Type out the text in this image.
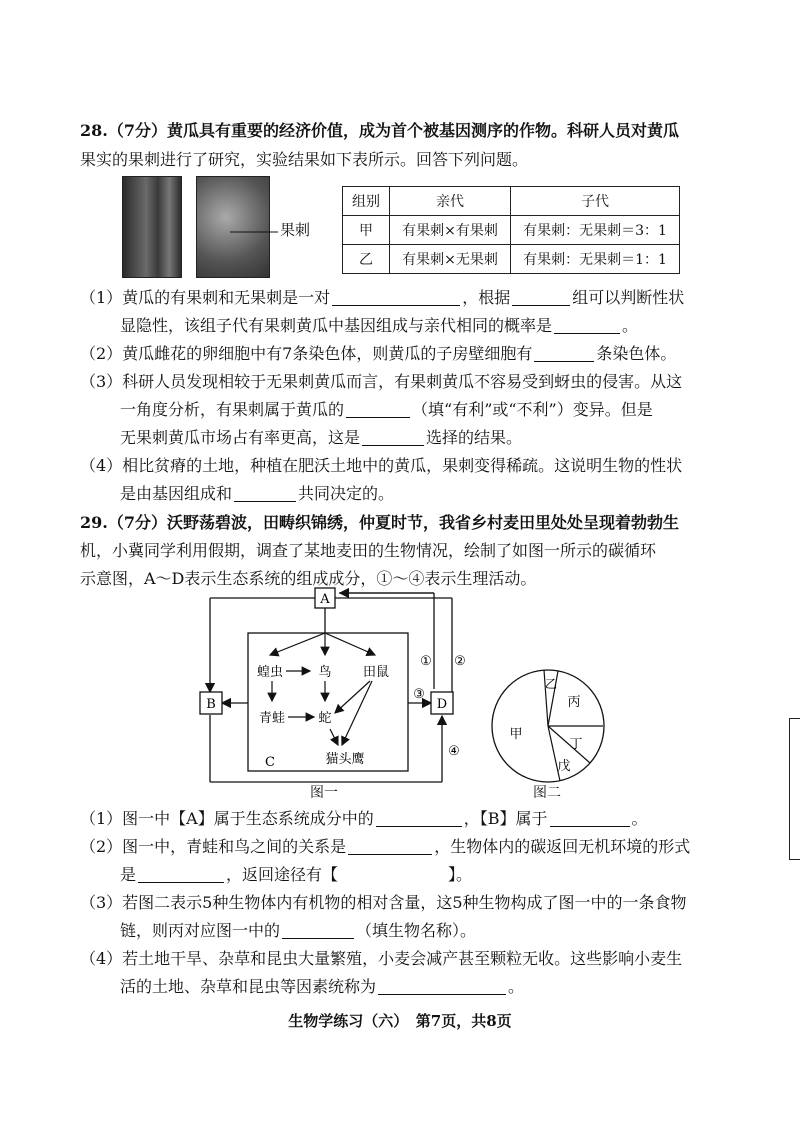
28.（7分）黄瓜具有重要的经济价值，成为首个被基因测序的作物。科研人员对黄瓜
果实的果刺进行了研究，实验结果如下表所示。回答下列问题。
果刺
组别	亲代	子代
甲	有果刺×有果刺	有果刺：无果刺＝3：1
乙	有果刺×无果刺	有果刺：无果刺＝1：1
（1）黄瓜的有果刺和无果刺是一对	，根据	组可以判断性状
显隐性，该组子代有果刺黄瓜中基因组成与亲代相同的概率是	。
（2）黄瓜雌花的卵细胞中有7条染色体，则黄瓜的子房壁细胞有	条染色体。
（3）科研人员发现相较于无果刺黄瓜而言，有果刺黄瓜不容易受到蚜虫的侵害。从这
一角度分析，有果刺属于黄瓜的	（填“有利”或“不利”）变异。但是
无果刺黄瓜市场占有率更高，这是	选择的结果。
（4）相比贫瘠的土地，种植在肥沃土地中的黄瓜，果刺变得稀疏。这说明生物的性状
是由基因组成和	共同决定的。
29.（7分）沃野荡碧波，田畴织锦绣，仲夏时节，我省乡村麦田里处处呈现着勃勃生
机，小冀同学利用假期，调查了某地麦田的生物情况，绘制了如图一所示的碳循环
示意图，A～D表示生态系统的组成成分，①～④表示生理活动。
A
B	D
C
蝗虫	鸟 田鼠
青蛙	蛇
猫头鹰
① ②
③
④
图一
乙
丙
丁
戊
甲
图二
（1）图一中【A】属于生态系统成分中的	，【B】属于	。
（2）图一中，青蛙和鸟之间的关系是	，生物体内的碳返回无机环境的形式
是	，返回途径有【	】。
（3）若图二表示5种生物体内有机物的相对含量，这5种生物构成了图一中的一条食物
链，则丙对应图一中的	（填生物名称）。
（4）若土地干旱、杂草和昆虫大量繁殖，小麦会减产甚至颗粒无收。这些影响小麦生
活的土地、杂草和昆虫等因素统称为	。
生物学练习（六）　第7页，共8页
